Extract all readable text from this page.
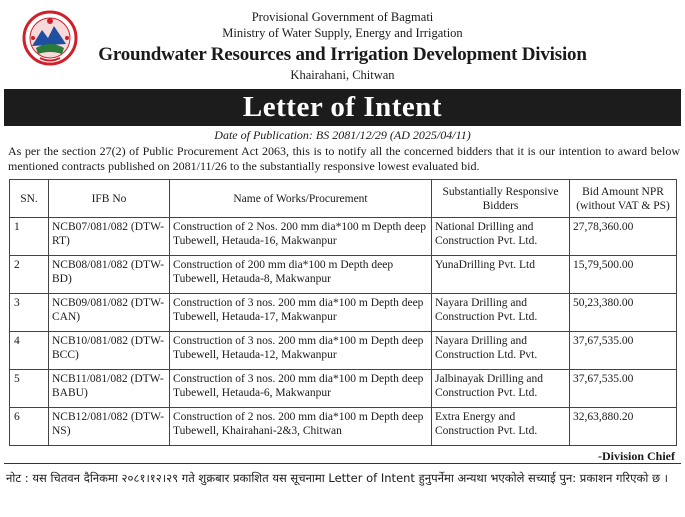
Provisional Government of Bagmati
Ministry of Water Supply, Energy and Irrigation
Groundwater Resources and Irrigation Development Division
Khairahani, Chitwan
Letter of Intent
Date of Publication: BS 2081/12/29 (AD 2025/04/11)
As per the section 27(2) of Public Procurement Act 2063, this is to notify all the concerned bidders that it is our intention to award below mentioned contracts published on 2081/11/26 to the substantially responsive lowest evaluated bid.
SN.	IFB No	Name of Works/Procurement	Substantially Responsive Bidders	Bid Amount NPR (without VAT & PS)
1	NCB07/081/082 (DTW-RT)	Construction of 2 Nos. 200 mm dia*100 m Depth deep Tubewell, Hetauda-16, Makwanpur	National Drilling and Construction Pvt. Ltd.	27,78,360.00
2	NCB08/081/082 (DTW-BD)	Construction of 200 mm dia*100 m Depth deep Tubewell, Hetauda-8, Makwanpur	YunaDrilling Pvt. Ltd	15,79,500.00
3	NCB09/081/082 (DTW-CAN)	Construction of 3 nos. 200 mm dia*100 m Depth deep Tubewell, Hetauda-17, Makwanpur	Nayara Drilling and Construction Pvt. Ltd.	50,23,380.00
4	NCB10/081/082 (DTW-BCC)	Construction of 3 nos. 200 mm dia*100 m Depth deep Tubewell, Hetauda-12, Makwanpur	Nayara Drilling and Construction Ltd. Pvt.	37,67,535.00
5	NCB11/081/082 (DTW-BABU)	Construction of 3 nos. 200 mm dia*100 m Depth deep Tubewell, Hetauda-6, Makwanpur	Jalbinayak Drilling and Construction Pvt. Ltd.	37,67,535.00
6	NCB12/081/082 (DTW-NS)	Construction of 2 nos. 200 mm dia*100 m Depth deep Tubewell, Khairahani-2&3, Chitwan	Extra Energy and Construction Pvt. Ltd.	32,63,880.20
-Division Chief
नोट : यस चितवन दैनिकमा २०८१।१२।२९ गते शुक्रबार प्रकाशित यस सूचनामा Letter of Intent हुनुपर्नेमा अन्यथा भएकोले सच्याई पुन: प्रकाशन गरिएको छ ।
